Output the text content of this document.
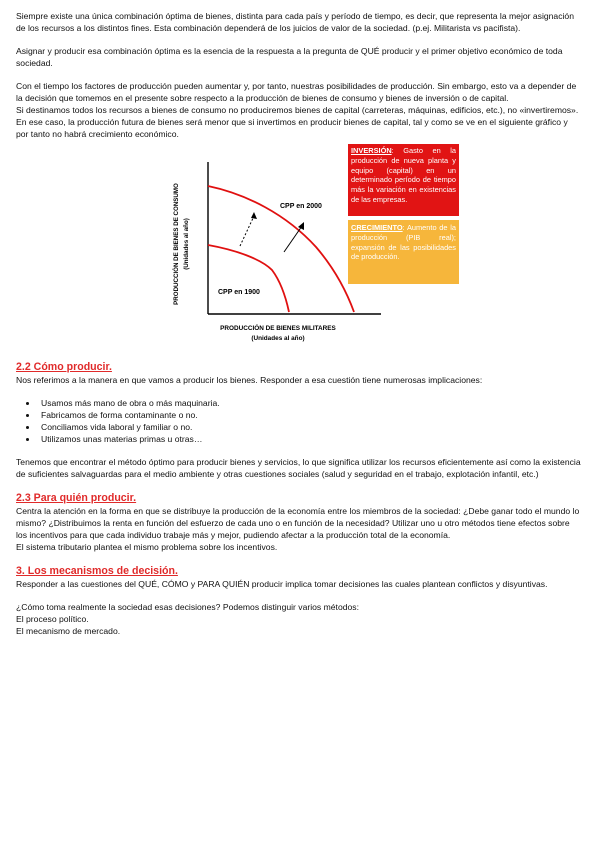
Siempre existe una única combinación óptima de bienes, distinta para cada país y período de tiempo, es decir, que representa la mejor asignación de los recursos a los distintos fines. Esta combinación dependerá de los juicios de valor de la sociedad. (p.ej. Militarista vs pacifista).

Asignar y producir esa combinación óptima es la esencia de la respuesta a la pregunta de QUÉ producir y el primer objetivo económico de toda sociedad.

Con el tiempo los factores de producción pueden aumentar y, por tanto, nuestras posibilidades de producción. Sin embargo, esto va a depender de la decisión que tomemos en el presente sobre respecto a la producción de bienes de consumo y bienes de inversión o de capital.

Si destinamos todos los recursos a bienes de consumo no produciremos bienes de capital (carreteras, máquinas, edificios, etc.), no «invertiremos». En ese caso, la producción futura de bienes será menor que si invertimos en producir bienes de capital, tal y como se ve en el siguiente gráfico y por tanto no habrá crecimiento económico.

CPP en 2000
CPP en 1900
PRODUCCIÓN DE BIENES DE CONSUMO (Unidades al año)
PRODUCCIÓN DE BIENES MILITARES
(Unidades al año)
INVERSIÓN: Gasto en la producción de nueva planta y equipo (capital) en un determinado período de tiempo más la variación en existencias de las empresas.
CRECIMIENTO: Aumento de la producción (PIB real); expansión de las posibilidades de producción.

2.2 Cómo producir.

Nos referimos a la manera en que vamos a producir los bienes. Responder a esa cuestión tiene numerosas implicaciones:

• Usamos más mano de obra o más maquinaria.
• Fabricamos de forma contaminante o no.
• Conciliamos vida laboral y familiar o no.
• Utilizamos unas materias primas u otras…

Tenemos que encontrar el método óptimo para producir bienes y servicios, lo que significa utilizar los recursos eficientemente así como la existencia de suficientes salvaguardas para el medio ambiente y otras cuestiones sociales (salud y seguridad en el trabajo, explotación infantil, etc.)

2.3 Para quién producir.

Centra la atención en la forma en que se distribuye la producción de la economía entre los miembros de la sociedad: ¿Debe ganar todo el mundo lo mismo? ¿Distribuimos la renta en función del esfuerzo de cada uno o en función de la necesidad? Utilizar uno u otro métodos tiene efectos sobre los incentivos para que cada individuo trabaje más y mejor, pudiendo afectar a la producción total de la economía.

El sistema tributario plantea el mismo problema sobre los incentivos.

3. Los mecanismos de decisión.

Responder a las cuestiones del QUÉ, CÓMO y PARA QUIÉN producir implica tomar decisiones las cuales plantean conflictos y disyuntivas.

¿Cómo toma realmente la sociedad esas decisiones? Podemos distinguir varios métodos:

El proceso político.

El mecanismo de mercado.
